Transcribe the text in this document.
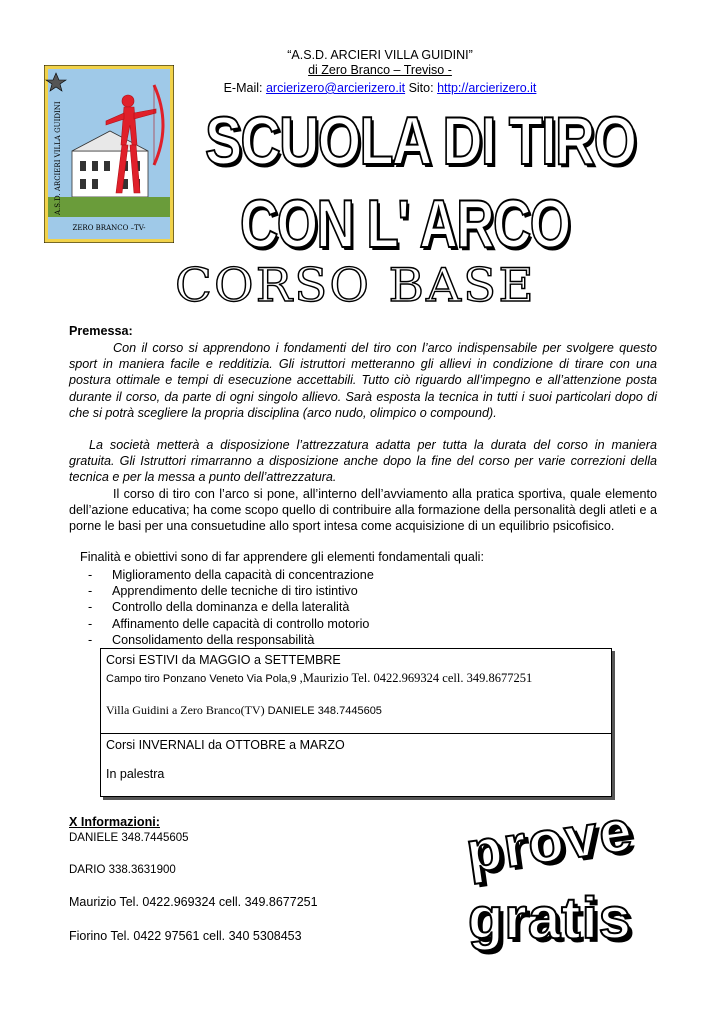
“A.S.D. ARCIERI VILLA GUIDINI”
di Zero Branco – Treviso -
E-Mail: arcierizero@arcierizero.it Sito: http://arcierizero.it
A.S.D. ARCIERI VILLA GUIDINI
ZERO BRANCO –TV-
SCUOLA DI TIRO
CON L' ARCO
CORSO BASE
Premessa:
Con il corso si apprendono i fondamenti del tiro con l’arco indispensabile per svolgere questo sport in maniera facile e redditizia. Gli istruttori metteranno gli allievi in condizione di tirare con una postura ottimale e tempi di esecuzione accettabili. Tutto ciò riguardo all’impegno e all’attenzione posta durante il corso, da parte di ogni singolo allievo. Sarà esposta la tecnica in tutti i suoi particolari dopo di che si potrà scegliere la propria disciplina (arco nudo, olimpico o compound).
La società metterà a disposizione l’attrezzatura adatta per tutta la durata del corso in maniera gratuita. Gli Istruttori rimarranno a disposizione anche dopo la fine del corso per varie correzioni della tecnica e per la messa a punto dell’attrezzatura.
Il corso di tiro con l’arco si pone, all’interno dell’avviamento alla pratica sportiva, quale elemento dell’azione educativa; ha come scopo quello di contribuire alla formazione della personalità degli atleti e a porne le basi per una consuetudine allo sport intesa come acquisizione di un equilibrio psicofisico.
Finalità e obiettivi sono di far apprendere gli elementi fondamentali quali:
- Miglioramento della capacità di concentrazione
- Apprendimento delle tecniche di tiro istintivo
- Controllo della dominanza e della lateralità
- Affinamento delle capacità di controllo motorio
- Consolidamento della responsabilità
Corsi ESTIVI da MAGGIO a SETTEMBRE
Campo tiro Ponzano Veneto Via Pola,9 ,Maurizio Tel. 0422.969324 cell. 349.8677251
Villa Guidini a Zero Branco(TV) DANIELE 348.7445605
Corsi INVERNALI da OTTOBRE a MARZO
In palestra
X Informazioni:
DANIELE 348.7445605
DARIO 338.3631900
Maurizio Tel. 0422.969324 cell. 349.8677251
Fiorino Tel. 0422 97561 cell. 340 5308453
prove
gratis
